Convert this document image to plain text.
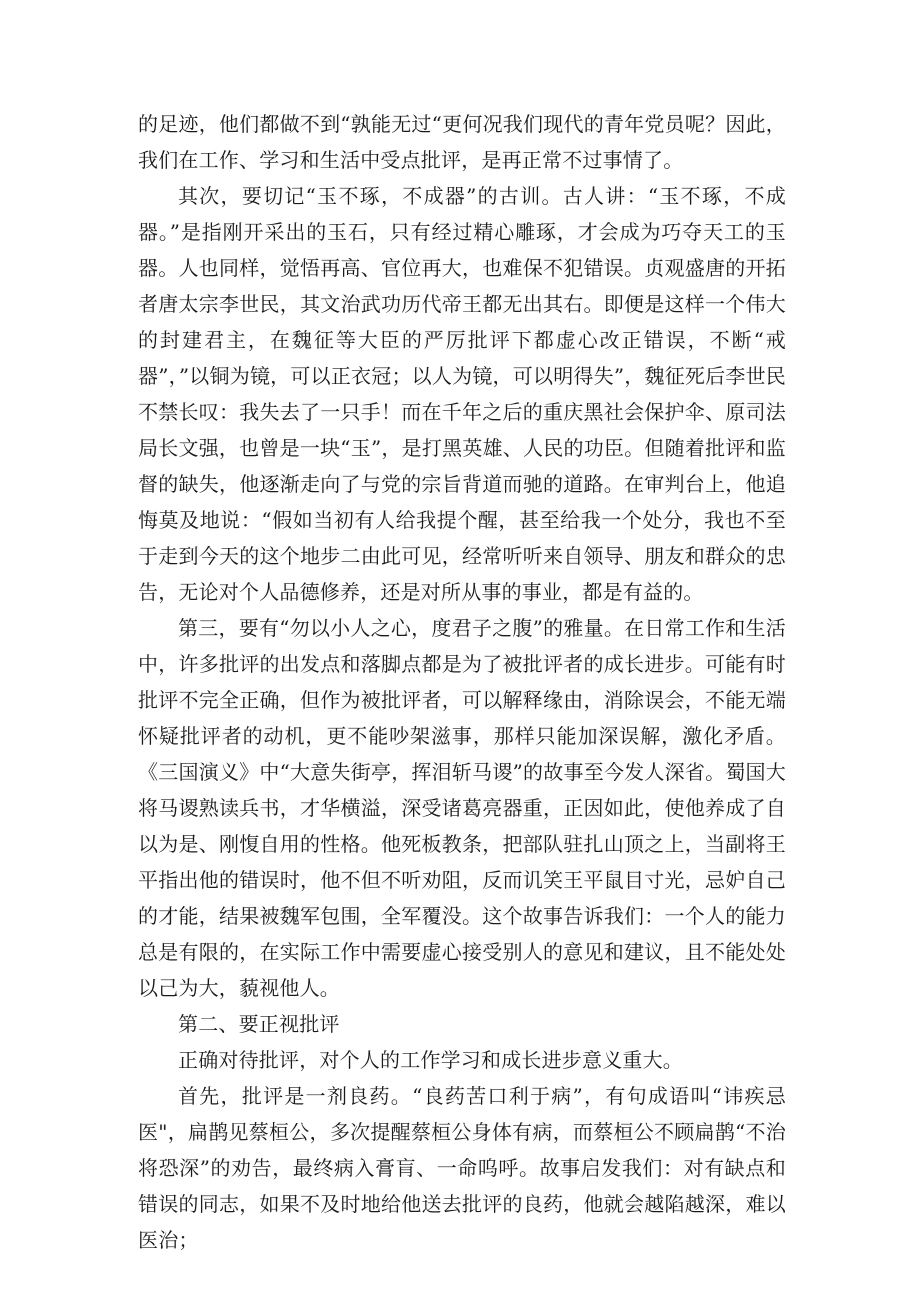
的足迹，他们都做不到“孰能无过“更何况我们现代的青年党员呢？因此，我们在工作、学习和生活中受点批评，是再正常不过事情了。

其次，要切记“玉不琢，不成器”的古训。古人讲：“玉不琢，不成器。”是指刚开采出的玉石，只有经过精心雕琢，才会成为巧夺天工的玉器。人也同样，觉悟再高、官位再大，也难保不犯错误。贞观盛唐的开拓者唐太宗李世民，其文治武功历代帝王都无出其右。即便是这样一个伟大的封建君主，在魏征等大臣的严厉批评下都虚心改正错误，不断“戒器”，”以铜为镜，可以正衣冠；以人为镜，可以明得失”，魏征死后李世民不禁长叹：我失去了一只手！而在千年之后的重庆黑社会保护伞、原司法局长文强，也曾是一块“玉”，是打黑英雄、人民的功臣。但随着批评和监督的缺失，他逐渐走向了与党的宗旨背道而驰的道路。在审判台上，他追悔莫及地说：“假如当初有人给我提个醒，甚至给我一个处分，我也不至于走到今天的这个地步二由此可见，经常听听来自领导、朋友和群众的忠告，无论对个人品德修养，还是对所从事的事业，都是有益的。

第三，要有“勿以小人之心，度君子之腹”的雅量。在日常工作和生活中，许多批评的出发点和落脚点都是为了被批评者的成长进步。可能有时批评不完全正确，但作为被批评者，可以解释缘由，消除误会，不能无端怀疑批评者的动机，更不能吵架滋事，那样只能加深误解，激化矛盾。《三国演义》中“大意失街亭，挥泪斩马谡”的故事至今发人深省。蜀国大将马谡熟读兵书，才华横溢，深受诸葛亮器重，正因如此，使他养成了自以为是、刚愎自用的性格。他死板教条，把部队驻扎山顶之上，当副将王平指出他的错误时，他不但不听劝阻，反而讥笑王平鼠目寸光，忌妒自己的才能，结果被魏军包围，全军覆没。这个故事告诉我们：一个人的能力总是有限的，在实际工作中需要虚心接受别人的意见和建议，且不能处处以己为大，藐视他人。

第二、要正视批评

正确对待批评，对个人的工作学习和成长进步意义重大。

首先，批评是一剂良药。“良药苦口利于病”，有句成语叫“讳疾忌医"，扁鹊见蔡桓公，多次提醒蔡桓公身体有病，而蔡桓公不顾扁鹊“不治将恐深”的劝告，最终病入膏肓、一命呜呼。故事启发我们：对有缺点和错误的同志，如果不及时地给他送去批评的良药，他就会越陷越深，难以医治；
